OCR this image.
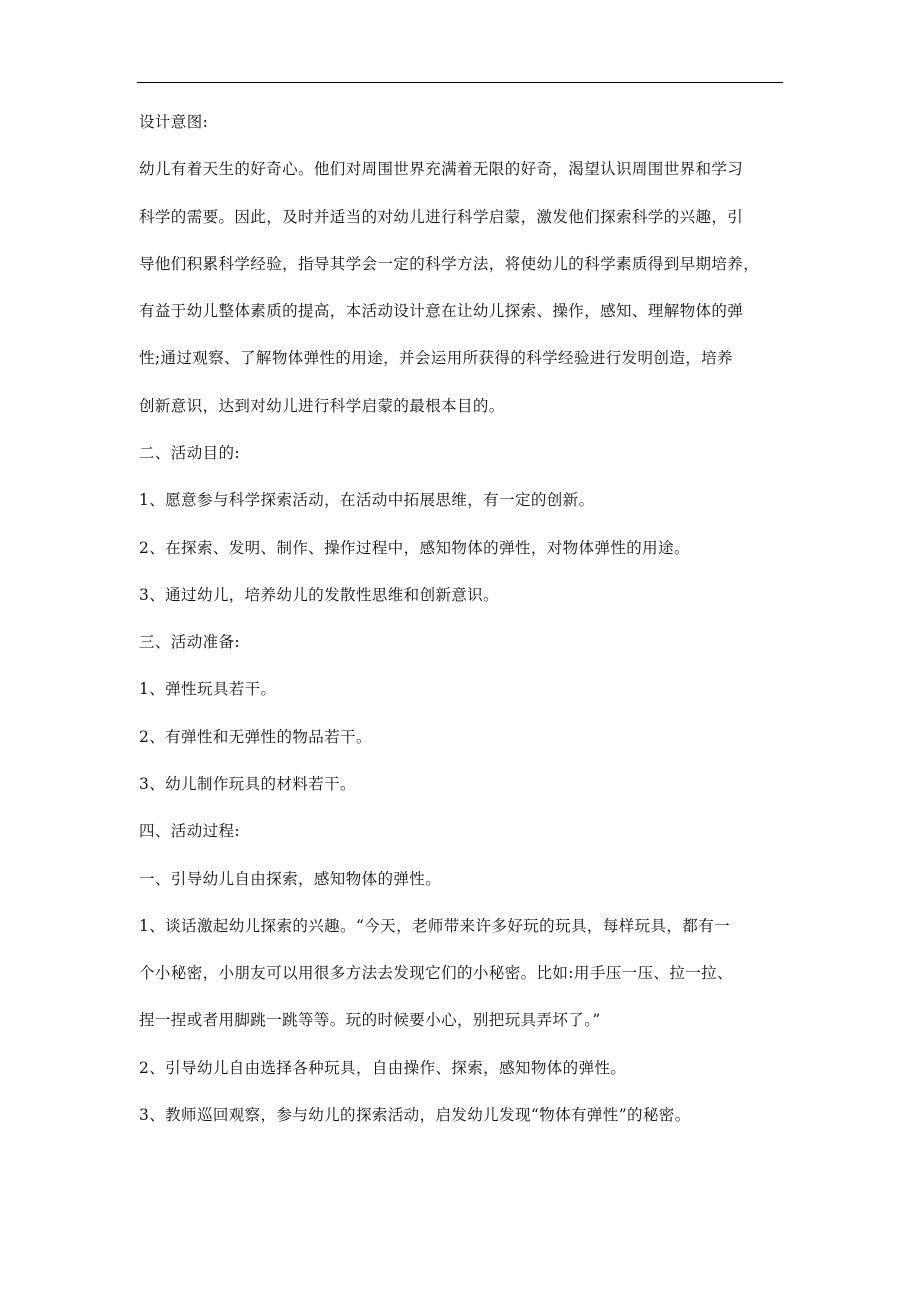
设计意图:

幼儿有着天生的好奇心。他们对周围世界充满着无限的好奇，渴望认识周围世界和学习

科学的需要。因此，及时并适当的对幼儿进行科学启蒙，激发他们探索科学的兴趣，引

导他们积累科学经验，指导其学会一定的科学方法，将使幼儿的科学素质得到早期培养，

有益于幼儿整体素质的提高，本活动设计意在让幼儿探索、操作，感知、理解物体的弹

性;通过观察、了解物体弹性的用途，并会运用所获得的科学经验进行发明创造，培养

创新意识，达到对幼儿进行科学启蒙的最根本目的。

二、活动目的:

1、愿意参与科学探索活动，在活动中拓展思维，有一定的创新。

2、在探索、发明、制作、操作过程中，感知物体的弹性，对物体弹性的用途。

3、通过幼儿，培养幼儿的发散性思维和创新意识。

三、活动准备:

1、弹性玩具若干。

2、有弹性和无弹性的物品若干。

3、幼儿制作玩具的材料若干。

四、活动过程:

一、引导幼儿自由探索，感知物体的弹性。

1、谈话激起幼儿探索的兴趣。“今天，老师带来许多好玩的玩具，每样玩具，都有一

个小秘密，小朋友可以用很多方法去发现它们的小秘密。比如:用手压一压、拉一拉、

捏一捏或者用脚跳一跳等等。玩的时候要小心，别把玩具弄坏了。”

2、引导幼儿自由选择各种玩具，自由操作、探索，感知物体的弹性。

3、教师巡回观察，参与幼儿的探索活动，启发幼儿发现“物体有弹性”的秘密。
